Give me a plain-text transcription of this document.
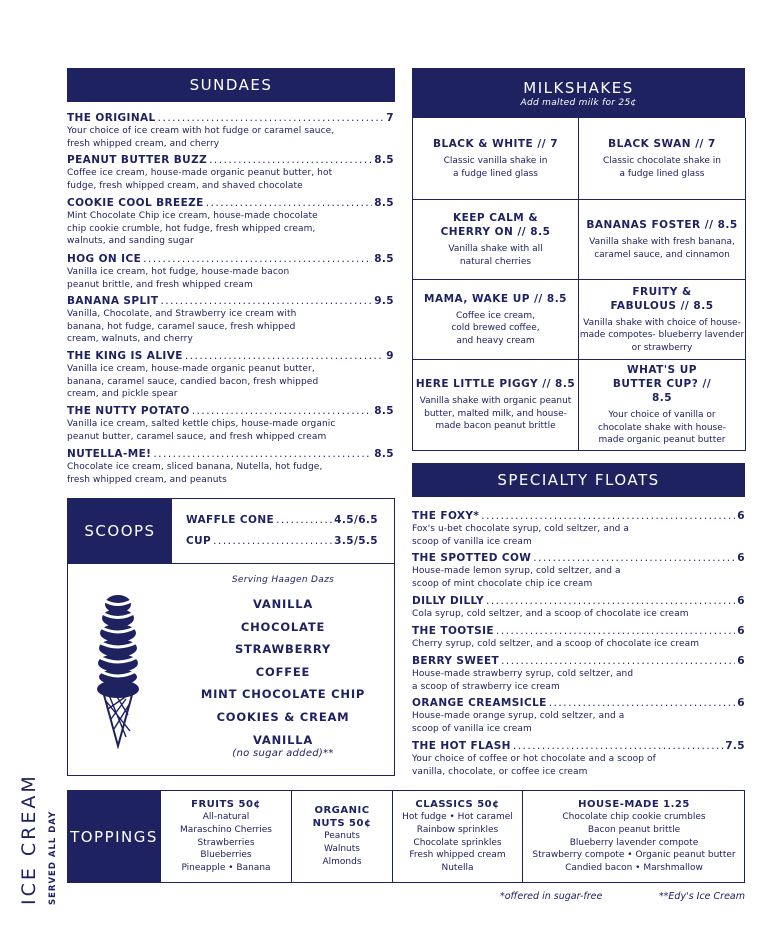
SUNDAES
THE ORIGINAL .....	7
Your choice of ice cream with hot fudge or caramel sauce, fresh whipped cream, and cherry
PEANUT BUTTER BUZZ .....	8.5
Coffee ice cream, house-made organic peanut butter, hot fudge, fresh whipped cream, and shaved chocolate
COOKIE COOL BREEZE .....	8.5
Mint Chocolate Chip ice cream, house-made chocolate chip cookie crumble, hot fudge, fresh whipped cream, walnuts, and sanding sugar
HOG ON ICE .....	8.5
Vanilla ice cream, hot fudge, house-made bacon peanut brittle, and fresh whipped cream
BANANA SPLIT .....	9.5
Vanilla, Chocolate, and Strawberry ice cream with banana, hot fudge, caramel sauce, fresh whipped cream, walnuts, and cherry
THE KING IS ALIVE .....	9
Vanilla ice cream, house-made organic peanut butter, banana, caramel sauce, candied bacon, fresh whipped cream, and pickle spear
THE NUTTY POTATO .....	8.5
Vanilla ice cream, salted kettle chips, house-made organic peanut butter, caramel sauce, and fresh whipped cream
NUTELLA-ME! .....	8.5
Chocolate ice cream, sliced banana, Nutella, hot fudge, fresh whipped cream, and peanuts
MILKSHAKES
Add malted milk for 25¢
BLACK & WHITE // 7
Classic vanilla shake in a fudge lined glass
BLACK SWAN // 7
Classic chocolate shake in a fudge lined glass
KEEP CALM & CHERRY ON // 8.5
Vanilla shake with all natural cherries
BANANAS FOSTER // 8.5
Vanilla shake with fresh banana, caramel sauce, and cinnamon
MAMA, WAKE UP // 8.5
Coffee ice cream, cold brewed coffee, and heavy cream
FRUITY & FABULOUS // 8.5
Vanilla shake with choice of house-made compotes- blueberry lavender or strawberry
HERE LITTLE PIGGY // 8.5
Vanilla shake with organic peanut butter, malted milk, and house-made bacon peanut brittle
WHAT'S UP BUTTER CUP? // 8.5
Your choice of vanilla or chocolate shake with house-made organic peanut butter
SCOOPS
WAFFLE CONE .....	4.5/6.5
CUP .....	3.5/5.5
Serving Haagen Dazs
VANILLA
CHOCOLATE
STRAWBERRY
COFFEE
MINT CHOCOLATE CHIP
COOKIES & CREAM
VANILLA
(no sugar added)**
SPECIALTY FLOATS
THE FOXY* .....	6
Fox's u-bet chocolate syrup, cold seltzer, and a scoop of vanilla ice cream
THE SPOTTED COW .....	6
House-made lemon syrup, cold seltzer, and a scoop of mint chocolate chip ice cream
DILLY DILLY .....	6
Cola syrup, cold seltzer, and a scoop of chocolate ice cream
THE TOOTSIE .....	6
Cherry syrup, cold seltzer, and a scoop of chocolate ice cream
BERRY SWEET .....	6
House-made strawberry syrup, cold seltzer, and a scoop of strawberry ice cream
ORANGE CREAMSICLE .....	6
House-made orange syrup, cold seltzer, and a scoop of vanilla ice cream
THE HOT FLASH .....	7.5
Your choice of coffee or hot chocolate and a scoop of vanilla, chocolate, or coffee ice cream
ICE CREAM SERVED ALL DAY TOPPINGS
FRUITS 50¢
All-natural
Maraschino Cherries
Strawberries
Blueberries
Pineapple • Banana
ORGANIC NUTS 50¢
Peanuts
Walnuts
Almonds
CLASSICS 50¢
Hot fudge • Hot caramel
Rainbow sprinkles
Chocolate sprinkles
Fresh whipped cream
Nutella
HOUSE-MADE 1.25
Chocolate chip cookie crumbles
Bacon peanut brittle
Blueberry lavender compote
Strawberry compote • Organic peanut butter
Candied bacon • Marshmallow
*offered in sugar-free	**Edy's Ice Cream
